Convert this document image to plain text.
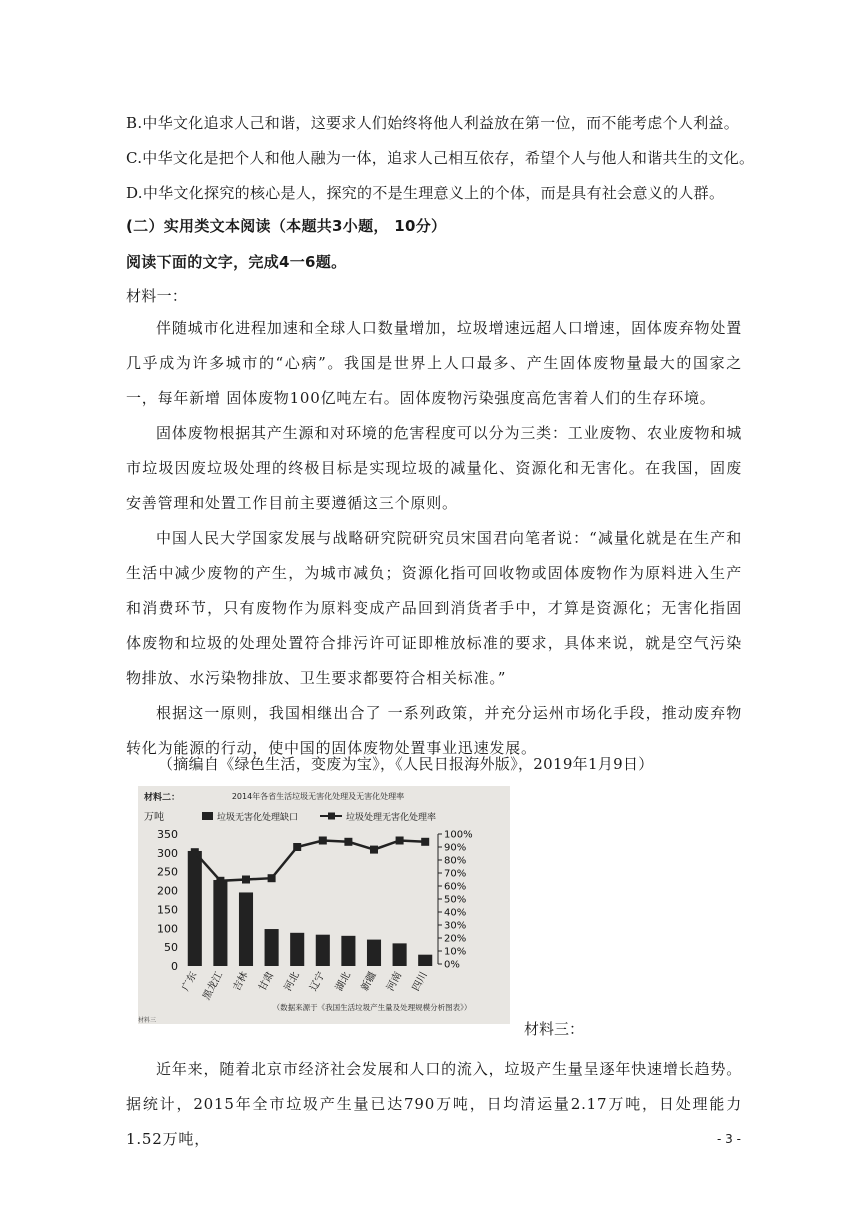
B.中华文化追求人己和谐，这要求人们始终将他人利益放在第一位，而不能考虑个人利益。
C.中华文化是把个人和他人融为一体，追求人己相互依存，希望个人与他人和谐共生的文化。
D.中华文化探究的核心是人，探究的不是生理意义上的个体，而是具有社会意义的人群。
(二）实用类文本阅读（本题共3小题， 10分）
阅读下面的文字，完成4一6题。
材料一：

伴随城市化进程加速和全球人口数量增加，垃圾增速远超人口增速，固体废弃物处置几乎成为许多城市的“心病”。我国是世界上人口最多、产生固体废物量最大的国家之一，每年新增 固体废物100亿吨左右。固体废物污染强度高危害着人们的生存环境。

固体废物根据其产生源和对环境的危害程度可以分为三类：工业废物、农业废物和城市垃圾因废垃圾处理的终极目标是实现垃圾的减量化、资源化和无害化。在我国，固废安善管理和处置工作目前主要遵循这三个原则。

中国人民大学国家发展与战略研究院研究员宋国君向笔者说：“减量化就是在生产和生活中减少废物的产生，为城市减负；资源化指可回收物或固体废物作为原料进入生产和消费环节，只有废物作为原料变成产品回到消货者手中，才算是资源化；无害化指固体废物和垃圾的处理处置符合排污许可证即椎放标准的要求，具体来说，就是空气污染物排放、水污染物排放、卫生要求都要符合相关标准。”

根据这一原则，我国相继出合了 一系列政策，并充分运州市场化手段，推动废弃物转化为能源的行动，使中国的固体废物处置事业迅速发展。

（摘编自《绿色生活，变废为宝》，《人民日报海外版》，2019年1月9日）
材料二：	2014年各省生活垃圾无害化处理及无害化处理率
万吨	垃圾无害化处理缺口	垃圾处理无害化处理率
0
50
100
150
200
250
300
350
0%
10%
20%
30%
40%
50%
60%
70%
80%
90%
100%
广东 黑龙江 吉林 甘肃 河北 辽宁 湖北 新疆 河南 四川
（数据来源于《我国生活垃圾产生量及处理规模分析图表》）
材料三	材料三：

近年来，随着北京市经济社会发展和人口的流入，垃圾产生量呈逐年快速增长趋势。据统计，2015年全市垃圾产生量已达790万吨，日均清运量2.17万吨，日处理能力1.52万吨，	- 3 -
